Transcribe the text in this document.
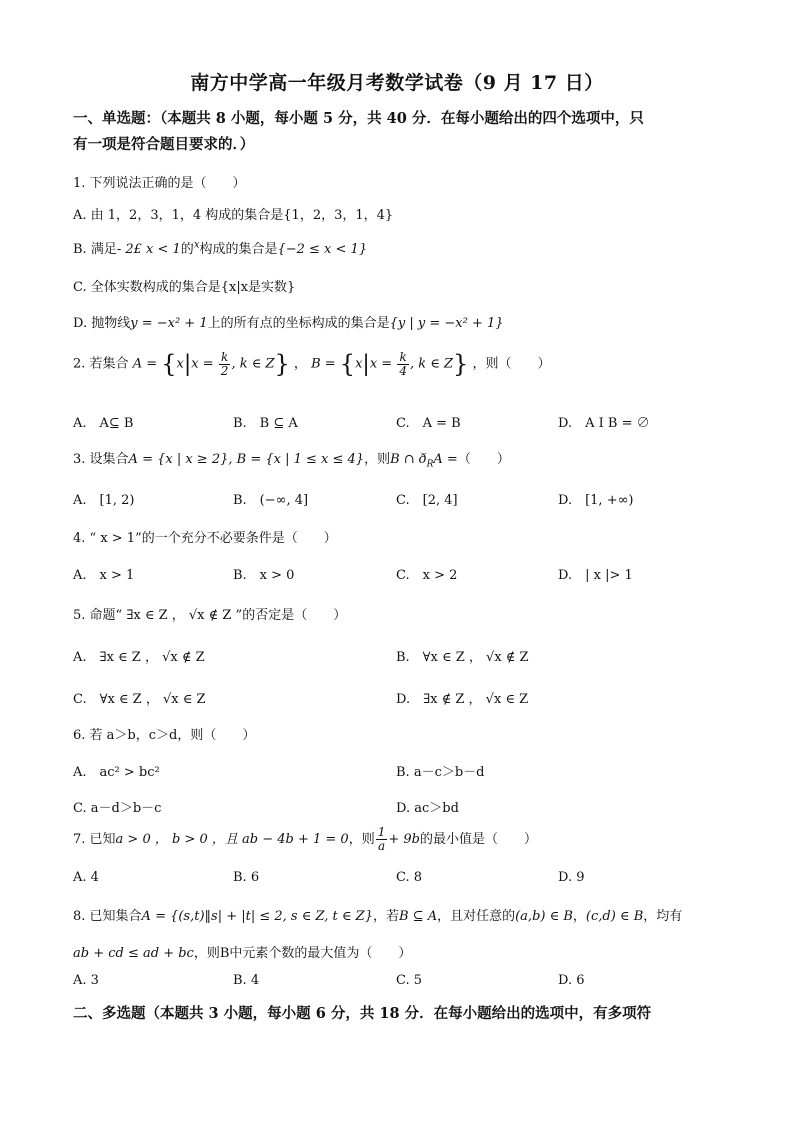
南方中学高一年级月考数学试卷（9 月 17 日）
一、单选题：（本题共 8 小题，每小题 5 分，共 40 分．在每小题给出的四个选项中，只
有一项是符合题目要求的．）
1. 下列说法正确的是（　　）
A. 由 1，2，3，1，4 构成的集合是{1，2，3，1，4}
B. 满足- 2£ x < 1的$^x$构成的集合是{−2 ≤ x < 1}
C. 全体实数构成的集合是{x|x是实数}
D. 抛物线y = −x² + 1上的所有点的坐标构成的集合是{y | y = −x² + 1}
2. 若集合 $A = \{x|x = \frac{k}{2}$ , k ∈ Z} ， $B = \{x|x = \frac{k}{4}$ , k ∈ Z} ，则（　　）
A.　A⊆ B	B.　B ⊆ A	C.　A = B	D.　A I B = ∅
3. 设集合A = {x | x ≥ 2}, B = {x | 1 ≤ x ≤ 4}，则B ∩ $ð_RA$ =（　　）
A.　[1, 2)	B.　(−∞, 4]	C.　[2, 4]	D.　[1, +∞)
4. “ x > 1”的一个充分不必要条件是（　　）
A.　x > 1	B.　x > 0	C.　x > 2	D.　| x |> 1
5. 命题“ ∃x ∈ Z ， √x ∉ Z ”的否定是（　　）
A.　∃x ∈ Z ， √x ∉ Z	B.　∀x ∈ Z ， √x ∉ Z
C.　∀x ∈ Z ， √x ∈ Z	D.　∃x ∉ Z ， √x ∈ Z
6. 若 a＞b，c＞d，则（　　）
A.　ac² > bc²	B. a－c＞b－d
C. a－d＞b－c	D. ac＞bd
7. 已知a > 0 ， b > 0 ，且 ab − 4b + 1 = 0，则 $\frac{1}{a} + 9b$的最小值是（　　）
A. 4	B. 6	C. 8	D. 9
8. 已知集合A = {(s,t)‖s| + |t| ≤ 2, s ∈ Z, t ∈ Z}，若B ⊆ A，且对任意的(a,b) ∈ B，(c,d) ∈ B，均有
ab + cd ≤ ad + bc，则B中元素个数的最大值为（　　）
A. 3	B. 4	C. 5	D. 6
二、多选题（本题共 3 小题，每小题 6 分，共 18 分．在每小题给出的选项中，有多项符
